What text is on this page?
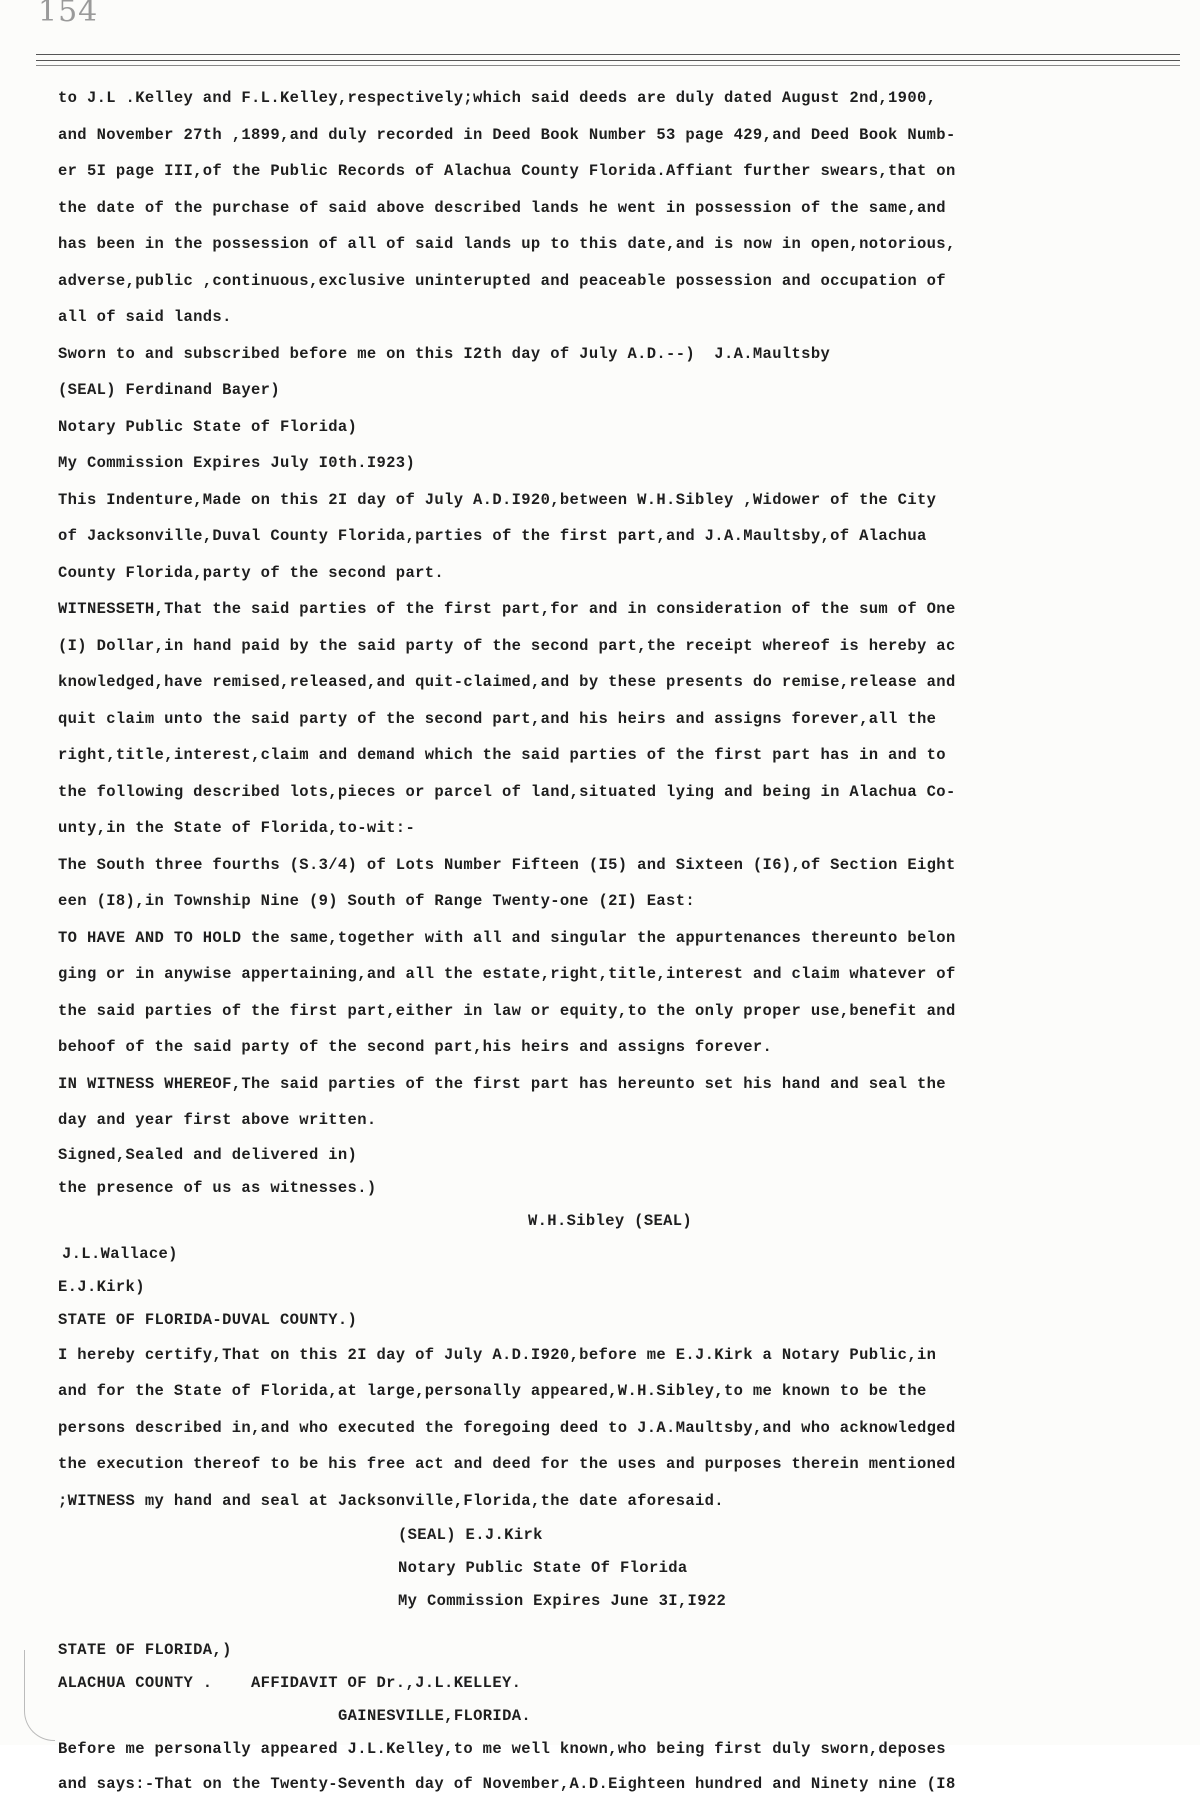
154
to J.L .Kelley and F.L.Kelley,respectively;which said deeds are duly dated August 2nd,1900,
and November 27th ,1899,and duly recorded in Deed Book Number 53 page 429,and Deed Book Numb-
er 5I page III,of the Public Records of Alachua County Florida.Affiant further swears,that on
the date of the purchase of said above described lands he went in possession of the same,and
has been in the possession of all of said lands up to this date,and is now in open,notorious,
adverse,public ,continuous,exclusive uninterupted and peaceable possession and occupation of
all of said lands.
Sworn to and subscribed before me on this I2th day of July A.D.--)  J.A.Maultsby
(SEAL) Ferdinand Bayer)
Notary Public State of Florida)
My Commission Expires July I0th.I923)
This Indenture,Made on this 2I day of July A.D.I920,between W.H.Sibley ,Widower of the City
of Jacksonville,Duval County Florida,parties of the first part,and J.A.Maultsby,of Alachua
County Florida,party of the second part.
WITNESSETH,That the said parties of the first part,for and in consideration of the sum of One
(I) Dollar,in hand paid by the said party of the second part,the receipt whereof is hereby ac
knowledged,have remised,released,and quit-claimed,and by these presents do remise,release and
quit claim unto the said party of the second part,and his heirs and assigns forever,all the
right,title,interest,claim and demand which the said parties of the first part has in and to
the following described lots,pieces or parcel of land,situated lying and being in Alachua Co-
unty,in the State of Florida,to-wit:-
The South three fourths (S.3/4) of Lots Number Fifteen (I5) and Sixteen (I6),of Section Eight
een (I8),in Township Nine (9) South of Range Twenty-one (2I) East:
TO HAVE AND TO HOLD the same,together with all and singular the appurtenances thereunto belon
ging or in anywise appertaining,and all the estate,right,title,interest and claim whatever of
the said parties of the first part,either in law or equity,to the only proper use,benefit and
behoof of the said party of the second part,his heirs and assigns forever.
IN WITNESS WHEREOF,The said parties of the first part has hereunto set his hand and seal the
day and year first above written.
Signed,Sealed and delivered in)
the presence of us as witnesses.)
W.H.Sibley (SEAL)
J.L.Wallace)
E.J.Kirk)
STATE OF FLORIDA-DUVAL COUNTY.)
I hereby certify,That on this 2I day of July A.D.I920,before me E.J.Kirk a Notary Public,in
and for the State of Florida,at large,personally appeared,W.H.Sibley,to me known to be the
persons described in,and who executed the foregoing deed to J.A.Maultsby,and who acknowledged
the execution thereof to be his free act and deed for the uses and purposes therein mentioned
;WITNESS my hand and seal at Jacksonville,Florida,the date aforesaid.
(SEAL) E.J.Kirk
Notary Public State Of Florida
My Commission Expires June 3I,I922
STATE OF FLORIDA,)
ALACHUA COUNTY .    AFFIDAVIT OF Dr.,J.L.KELLEY.
GAINESVILLE,FLORIDA.
Before me personally appeared J.L.Kelley,to me well known,who being first duly sworn,deposes
and says:-That on the Twenty-Seventh day of November,A.D.Eighteen hundred and Ninety nine (I8
